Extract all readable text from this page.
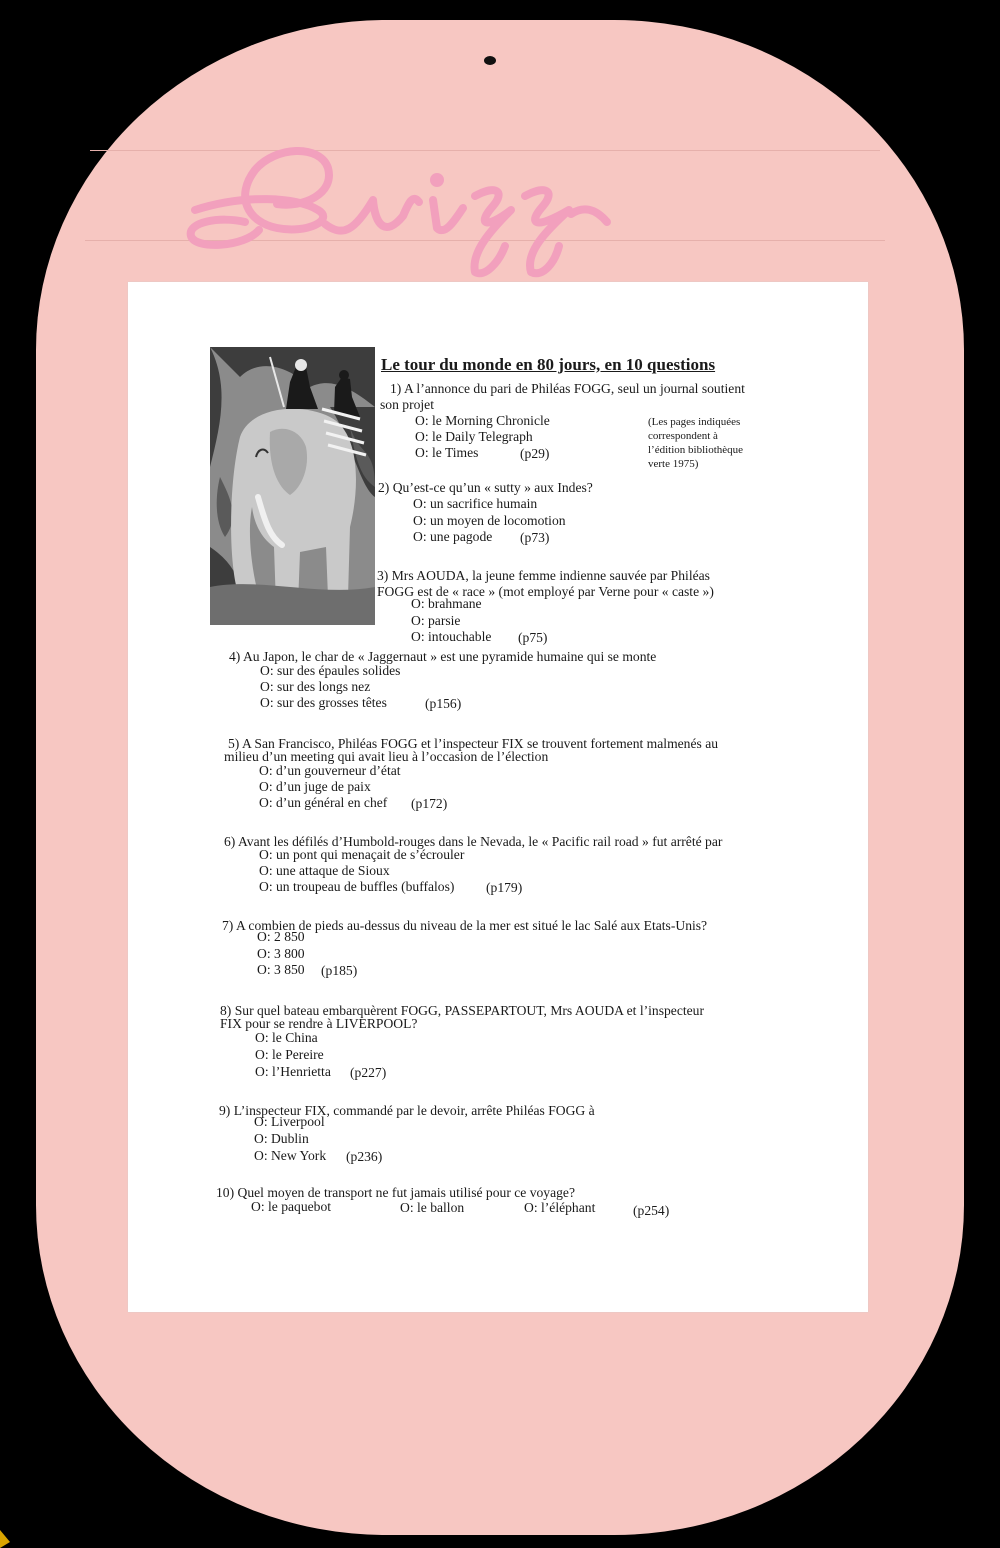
Le tour du monde en 80 jours, en 10 questions
(Les pages indiquées
correspondent à
l’édition bibliothèque
verte 1975)
1) A l’annonce du pari de Philéas FOGG, seul un journal soutient
son projet
O: le Morning Chronicle
O: le Daily Telegraph
O: le Times	(p29)
2) Qu’est-ce qu’un « sutty » aux Indes?
O: un sacrifice humain
O: un moyen de locomotion
O: une pagode (p73)
3) Mrs AOUDA, la jeune femme indienne sauvée par Philéas
FOGG est de « race » (mot employé par Verne pour « caste »)
O: brahmane
O: parsie
O: intouchable (p75)
4) Au Japon, le char de « Jaggernaut » est une pyramide humaine qui se monte
O: sur des épaules solides
O: sur des longs nez
O: sur des grosses têtes	(p156)
5) A San Francisco, Philéas FOGG et l’inspecteur FIX se trouvent fortement malmenés au
milieu d’un meeting qui avait lieu à l’occasion de l’élection
O: d’un gouverneur d’état
O: d’un juge de paix
O: d’un général en chef (p172)
6) Avant les défilés d’Humbold-rouges dans le Nevada, le « Pacific rail road » fut arrêté par
O: un pont qui menaçait de s’écrouler
O: une attaque de Sioux
O: un troupeau de buffles (buffalos) (p179)
7) A combien de pieds au-dessus du niveau de la mer est situé le lac Salé aux Etats-Unis?
O: 2 850
O: 3 800
O: 3 850 (p185)
8) Sur quel bateau embarquèrent FOGG, PASSEPARTOUT, Mrs AOUDA et l’inspecteur
FIX pour se rendre à LIVERPOOL?
O: le China
O: le Pereire
O: l’Henrietta (p227)
9) L’inspecteur FIX, commandé par le devoir, arrête Philéas FOGG à
O: Liverpool
O: Dublin
O: New York (p236)
10) Quel moyen de transport ne fut jamais utilisé pour ce voyage?
O: le paquebot	O: le ballon	O: l’éléphant	(p254)
